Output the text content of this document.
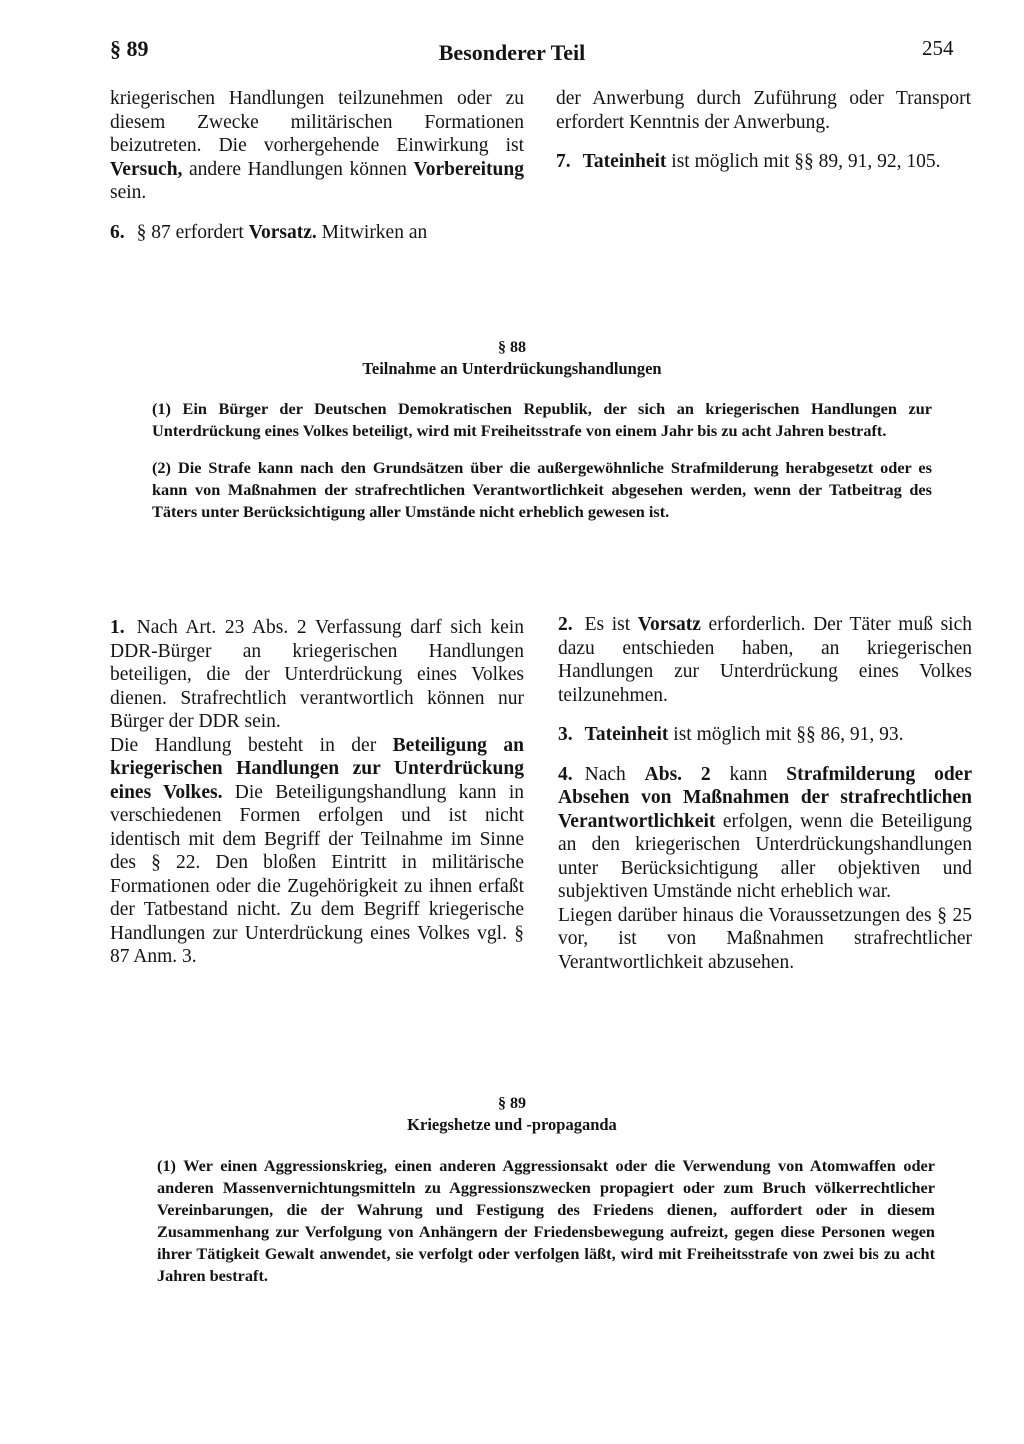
§ 89	Besonderer Teil	254

kriegerischen Handlungen teilzunehmen oder zu diesem Zwecke militärischen Formationen beizutreten. Die vorhergehende Einwirkung ist Versuch, andere Handlungen können Vorbereitung sein.

6. § 87 erfordert Vorsatz. Mitwirken an

der Anwerbung durch Zuführung oder Transport erfordert Kenntnis der Anwerbung.

7. Tateinheit ist möglich mit §§ 89, 91, 92, 105.

§ 88
Teilnahme an Unterdrückungshandlungen

(1) Ein Bürger der Deutschen Demokratischen Republik, der sich an kriegerischen Handlungen zur Unterdrückung eines Volkes beteiligt, wird mit Freiheitsstrafe von einem Jahr bis zu acht Jahren bestraft.

(2) Die Strafe kann nach den Grundsätzen über die außergewöhnliche Strafmilderung herabgesetzt oder es kann von Maßnahmen der strafrechtlichen Verantwortlichkeit abgesehen werden, wenn der Tatbeitrag des Täters unter Berücksichtigung aller Umstände nicht erheblich gewesen ist.

1. Nach Art. 23 Abs. 2 Verfassung darf sich kein DDR-Bürger an kriegerischen Handlungen beteiligen, die der Unterdrückung eines Volkes dienen. Strafrechtlich verantwortlich können nur Bürger der DDR sein.

Die Handlung besteht in der Beteiligung an kriegerischen Handlungen zur Unterdrückung eines Volkes. Die Beteiligungshandlung kann in verschiedenen Formen erfolgen und ist nicht identisch mit dem Begriff der Teilnahme im Sinne des § 22. Den bloßen Eintritt in militärische Formationen oder die Zugehörigkeit zu ihnen erfaßt der Tatbestand nicht. Zu dem Begriff kriegerische Handlungen zur Unterdrückung eines Volkes vgl. § 87 Anm. 3.

2. Es ist Vorsatz erforderlich. Der Täter muß sich dazu entschieden haben, an kriegerischen Handlungen zur Unterdrückung eines Volkes teilzunehmen.

3. Tateinheit ist möglich mit §§ 86, 91, 93.

4. Nach Abs. 2 kann Strafmilderung oder Absehen von Maßnahmen der strafrechtlichen Verantwortlichkeit erfolgen, wenn die Beteiligung an den kriegerischen Unterdrückungshandlungen unter Berücksichtigung aller objektiven und subjektiven Umstände nicht erheblich war.

Liegen darüber hinaus die Voraussetzungen des § 25 vor, ist von Maßnahmen strafrechtlicher Verantwortlichkeit abzusehen.

§ 89
Kriegshetze und -propaganda

(1) Wer einen Aggressionskrieg, einen anderen Aggressionsakt oder die Verwendung von Atomwaffen oder anderen Massenvernichtungsmitteln zu Aggressionszwecken propagiert oder zum Bruch völkerrechtlicher Vereinbarungen, die der Wahrung und Festigung des Friedens dienen, auffordert oder in diesem Zusammenhang zur Verfolgung von Anhängern der Friedensbewegung aufreizt, gegen diese Personen wegen ihrer Tätigkeit Gewalt anwendet, sie verfolgt oder verfolgen läßt, wird mit Freiheitsstrafe von zwei bis zu acht Jahren bestraft.
